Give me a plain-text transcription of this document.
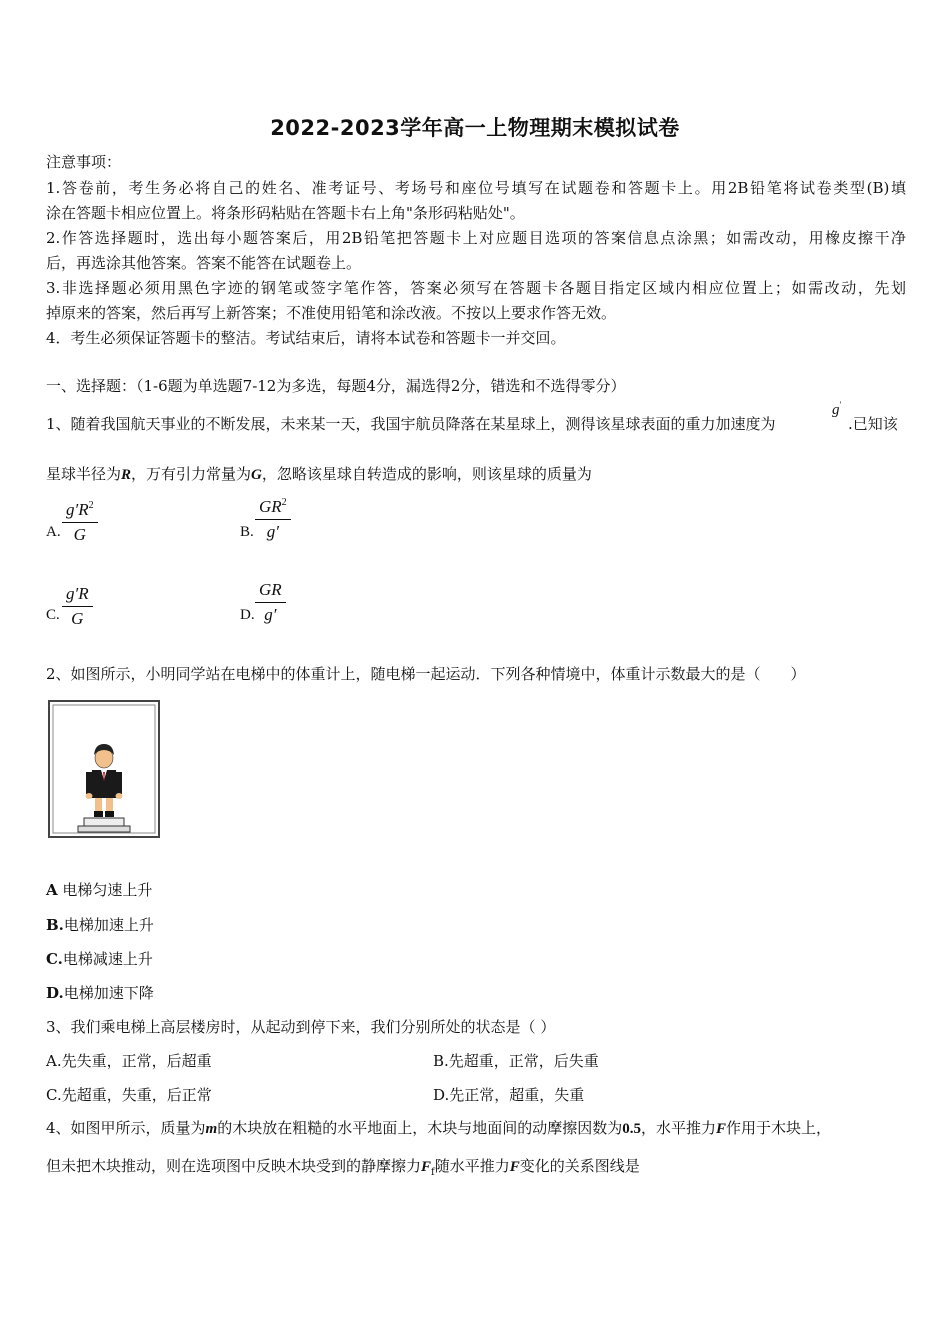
2022-2023学年高一上物理期末模拟试卷
注意事项：
1.答卷前，考生务必将自己的姓名、准考证号、考场号和座位号填写在试题卷和答题卡上。用2B铅笔将试卷类型(B)填
涂在答题卡相应位置上。将条形码粘贴在答题卡右上角"条形码粘贴处"。
2.作答选择题时，选出每小题答案后，用2B铅笔把答题卡上对应题目选项的答案信息点涂黑；如需改动，用橡皮擦干净
后，再选涂其他答案。答案不能答在试题卷上。
3.非选择题必须用黑色字迹的钢笔或签字笔作答，答案必须写在答题卡各题目指定区域内相应位置上；如需改动，先划
掉原来的答案，然后再写上新答案；不准使用铅笔和涂改液。不按以上要求作答无效。
4．考生必须保证答题卡的整洁。考试结束后，请将本试卷和答题卡一并交回。
一、选择题：（1-6题为单选题7-12为多选，每题4分，漏选得2分，错选和不选得零分）
1、随着我国航天事业的不断发展，未来某一天，我国宇航员降落在某星球上，测得该星球表面的重力加速度为
g′
.已知该
星球半径为R，万有引力常量为G，忽略该星球自转造成的影响，则该星球的质量为
A. $\frac{g'R^2}{G}$	B. $\frac{GR^2}{g'}$
C. $\frac{g'R}{G}$	D. $\frac{GR}{g'}$
2、如图所示，小明同学站在电梯中的体重计上，随电梯一起运动．下列各种情境中，体重计示数最大的是（　　）
A 电梯匀速上升
B.电梯加速上升
C.电梯减速上升
D.电梯加速下降
3、我们乘电梯上高层楼房时，从起动到停下来，我们分别所处的状态是（ ）
A.先失重，正常，后超重	B.先超重，正常，后失重
C.先超重，失重，后正常	D.先正常，超重，失重
4、如图甲所示，质量为m的木块放在粗糙的水平地面上，木块与地面间的动摩擦因数为0.5，水平推力F作用于木块上，
但未把木块推动，则在选项图中反映木块受到的静摩擦力$F_f$随水平推力F变化的关系图线是
